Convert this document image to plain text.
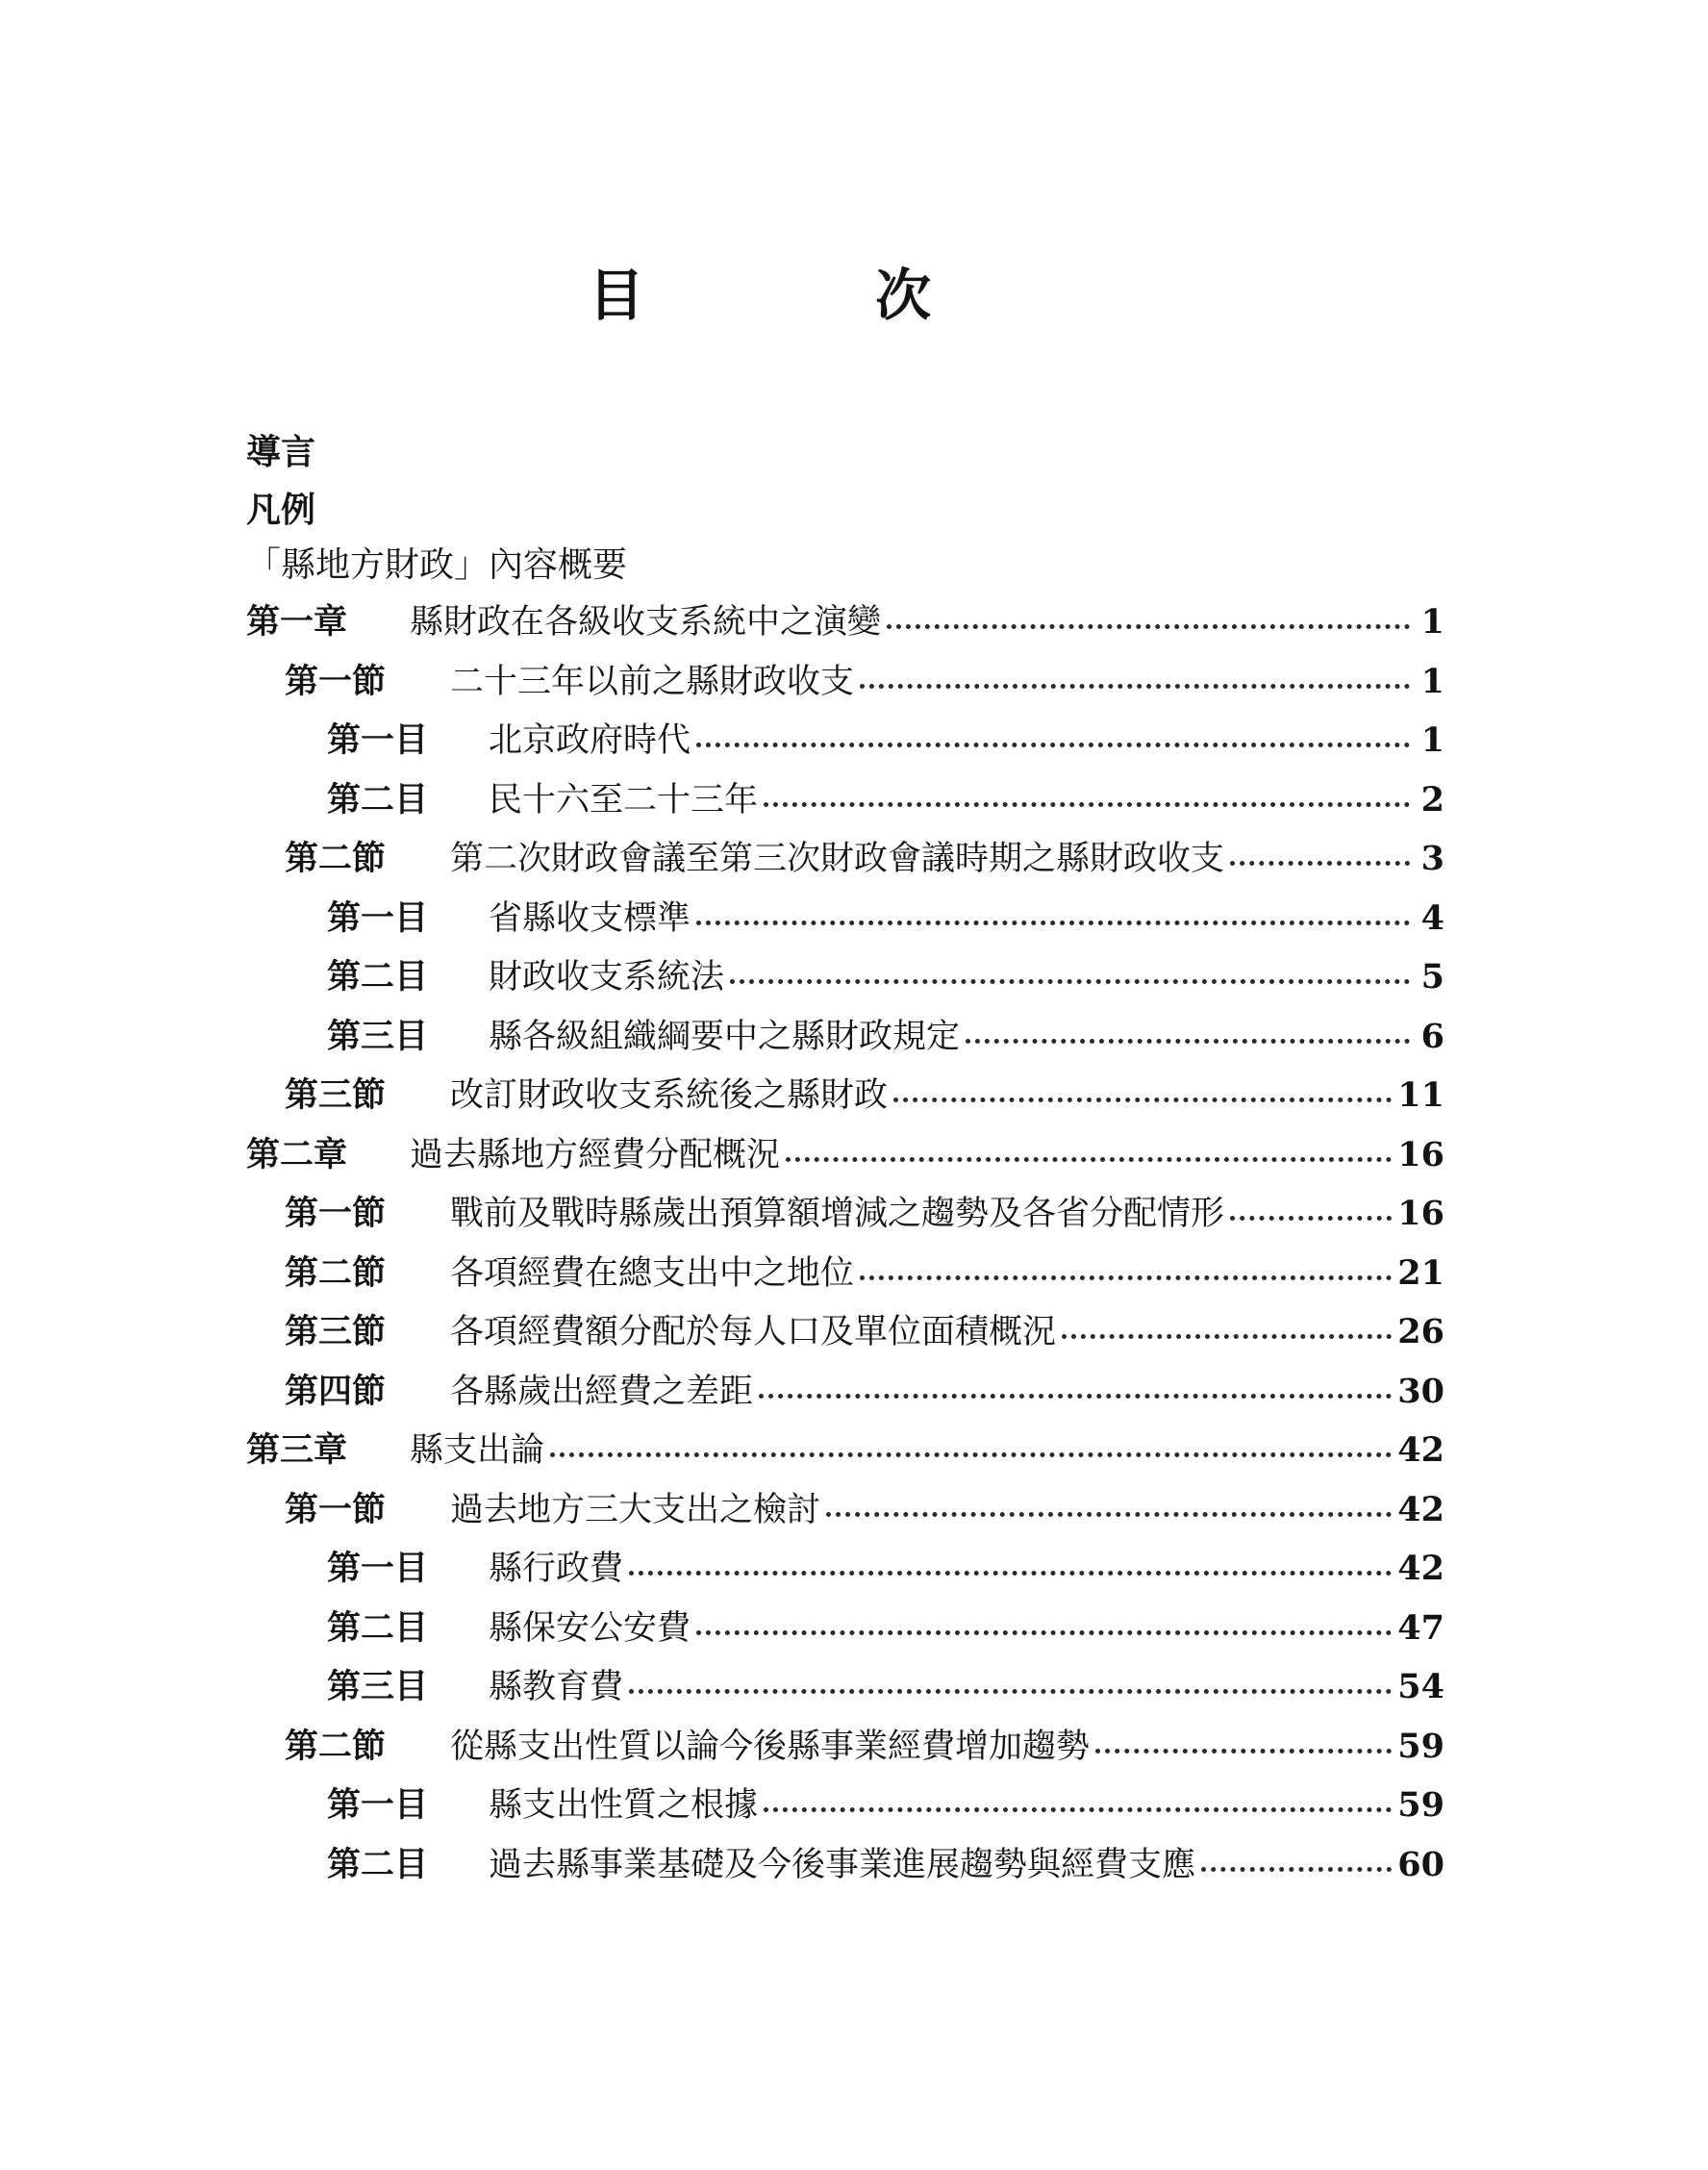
目 次
導言
凡例
「縣地方財政」內容概要
第一章	縣財政在各級收支系統中之演變	1
第一節	二十三年以前之縣財政收支	1
第一目	北京政府時代	1
第二目	民十六至二十三年	2
第二節	第二次財政會議至第三次財政會議時期之縣財政收支	3
第一目	省縣收支標準	4
第二目	財政收支系統法	5
第三目	縣各級組織綱要中之縣財政規定	6
第三節	改訂財政收支系統後之縣財政	11
第二章	過去縣地方經費分配概況	16
第一節	戰前及戰時縣歲出預算額增減之趨勢及各省分配情形	16
第二節	各項經費在總支出中之地位	21
第三節	各項經費額分配於每人口及單位面積概況	26
第四節	各縣歲出經費之差距	30
第三章	縣支出論	42
第一節	過去地方三大支出之檢討	42
第一目	縣行政費	42
第二目	縣保安公安費	47
第三目	縣教育費	54
第二節	從縣支出性質以論今後縣事業經費增加趨勢	59
第一目	縣支出性質之根據	59
第二目	過去縣事業基礎及今後事業進展趨勢與經費支應	60
